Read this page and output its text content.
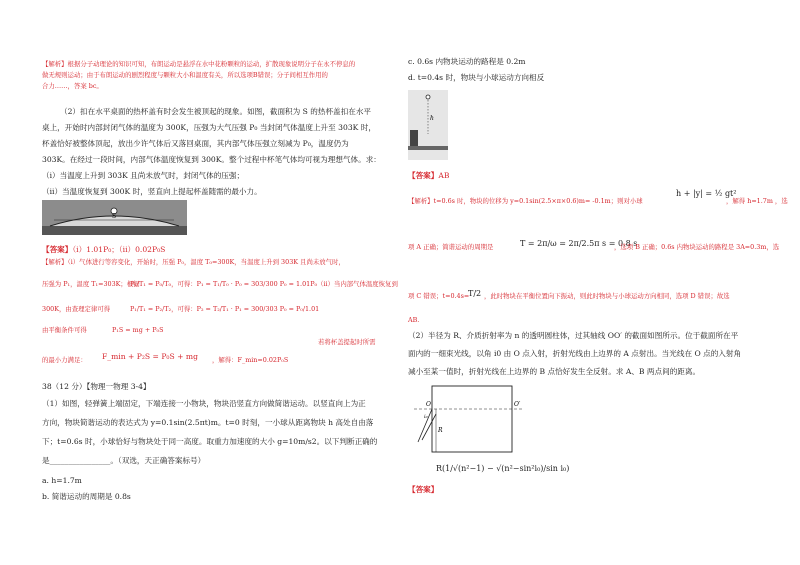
【解析】根据分子动理论的知识可知，布朗运动是悬浮在水中花粉颗粒的运动，扩散现象说明分子在永不停息的
做无规则运动；由于布朗运动的剧烈程度与颗粒大小和温度有关，所以选项B错误；分子间相互作用的
合力……，答案 bc。
（2）扣在水平桌面的热杯盖有时会发生被顶起的现象。如图，截面积为 S 的热杯盖扣在水平
桌上，开始时内部封闭气体的温度为 300K，压强为大气压强 P₀ 当封闭气体温度上升至 303K 时，
杯盖恰好被整体顶起，放出少许气体后又落回桌面，其内部气体压强立刻减为 P₀，温度仍为
303K。在经过一段时间，内部气体温度恢复到 300K。整个过程中杯笔气体均可视为理想气体。求：
（i）当温度上升到 303K 且尚未放气时，封闭气体的压强；
（ii）当温度恢复到 300K 时，竖直向上提起杯盖随需的最小力。
S
【答案】（i）1.01P₀；（ii）0.02P₀S
【解析】（i）气体进行等容变化，开始时，压强 P₀，温度 T₀=300K，当温度上升到 303K 且尚未放气时，
压强为 P₁，温度 T₁=303K；根据
P₁/T₁ = P₀/T₀，可得：P₁ = T₁/T₀ · P₀ = 303/300 P₀ = 1.01P₀（ii）当内部气体温度恢复到
300K，由查理定律可得	P₁/T₁ = P₂/T₂，可得：P₂ = T₂/T₁ · P₁ = 300/303 P₀ = P₀/1.01
由平衡条件可得	P₁S = mg + P₀S
若将杯盖提起时所需
的最小力满足： F_min + P₂S = P₀S + mg ，解得：F_min=0.02P₀S
38（12 分）【物理一物理 3-4】
（1）如图，轻弹簧上端固定，下端连接一小物块，物块沿竖直方向做简谐运动。以竖直向上为正
方向，物块简谐运动的表达式为 y=0.1sin(2.5πt)m。t=0 时刻，一小球从距离物块 h 高处自由落
下；t=0.6s 时，小球恰好与物块处于同一高度。取重力加速度的大小 g=10m/s2。以下判断正确的
是________________。（双选，天正确答案标号）
a. h=1.7m
b. 简谐运动的周期是 0.8s
c. 0.6s 内物块运动的路程是 0.2m
d. t=0.4s 时，物块与小球运动方向相反
h
【答案】AB
【解析】t=0.6s 时，物块的位移为 y=0.1sin(2.5×π×0.6)m= -0.1m；则对小球
h + |y| = ½ gt²
，解得 h=1.7m ，选
项 A 正确；简谐运动的周期是	T = 2π/ω = 2π/2.5π s = 0.8 s
，选项 B 正确；0.6s 内物块运动的路程是 3A=0.3m，选
项 C 错误；t=0.4s=
T/2 ，此时物块在平衡位置向下振动，则此时物块与小球运动方向相同，选项 D 错误；故选
AB.
（2）半径为 R、介质折射率为 n 的透明圆柱体，过其轴线 OO′ 的截面如图所示。位于截面所在平
面内的一细束光线，以角 i0 由 O 点入射，折射光线由上边界的 A 点射出。当光线在 O 点的入射角
减小至某一值时，折射光线在上边界的 B 点恰好发生全反射。求 A、B 两点间的距离。
O	O′
i₀
R
R(1/√(n²−1) − √(n²−sin²i₀)/sin i₀)
【答案】
